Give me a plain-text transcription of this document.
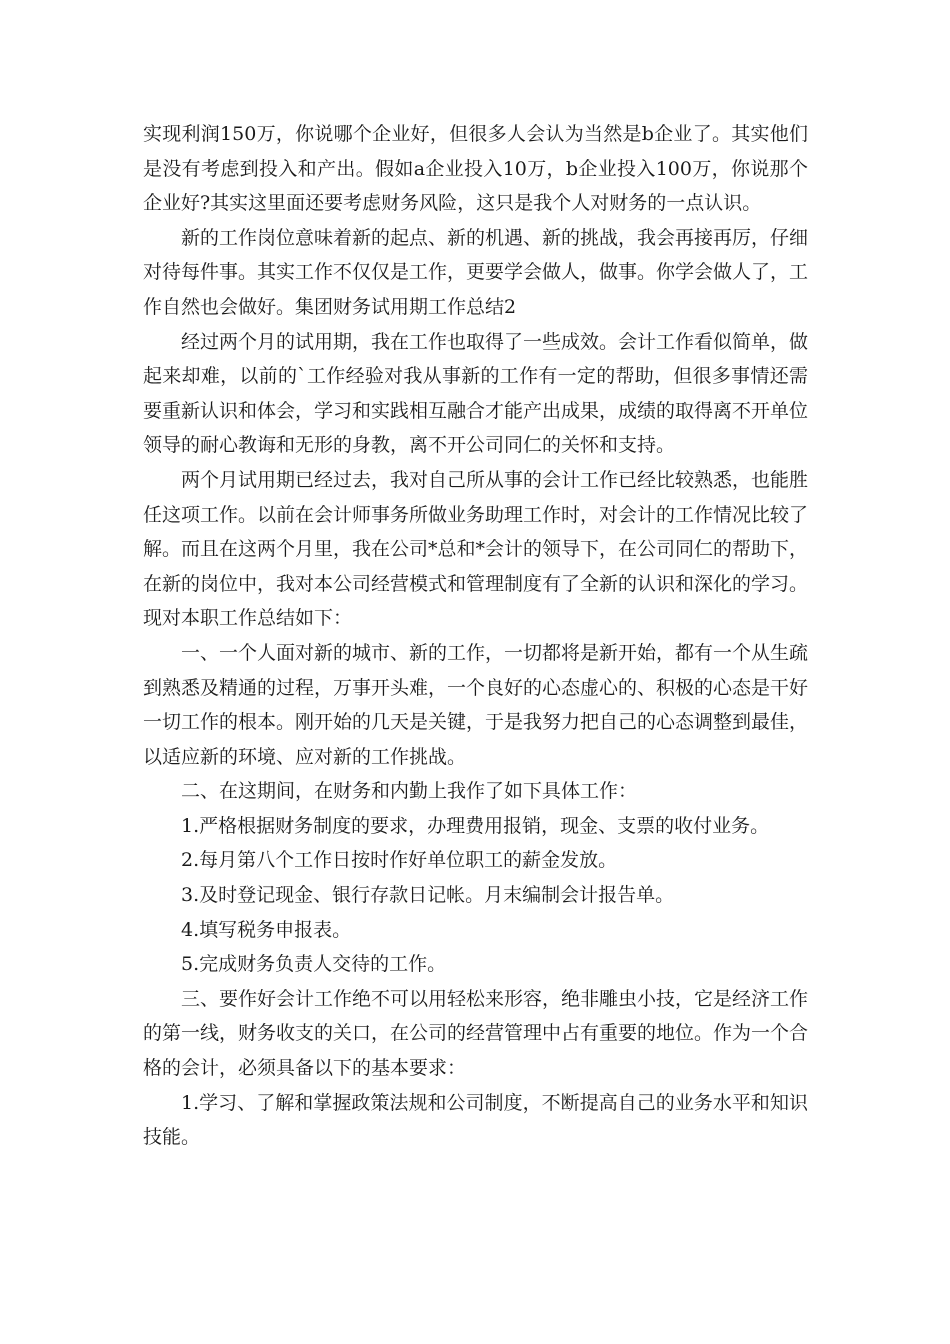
实现利润150万，你说哪个企业好，但很多人会认为当然是b企业了。其实他们是没有考虑到投入和产出。假如a企业投入10万，b企业投入100万，你说那个企业好?其实这里面还要考虑财务风险，这只是我个人对财务的一点认识。

新的工作岗位意味着新的起点、新的机遇、新的挑战，我会再接再厉，仔细对待每件事。其实工作不仅仅是工作，更要学会做人，做事。你学会做人了，工作自然也会做好。集团财务试用期工作总结2

经过两个月的试用期，我在工作也取得了一些成效。会计工作看似简单，做起来却难，以前的`工作经验对我从事新的工作有一定的帮助，但很多事情还需要重新认识和体会，学习和实践相互融合才能产出成果，成绩的取得离不开单位领导的耐心教诲和无形的身教，离不开公司同仁的关怀和支持。

两个月试用期已经过去，我对自己所从事的会计工作已经比较熟悉，也能胜任这项工作。以前在会计师事务所做业务助理工作时，对会计的工作情况比较了解。而且在这两个月里，我在公司*总和*会计的领导下，在公司同仁的帮助下，在新的岗位中，我对本公司经营模式和管理制度有了全新的认识和深化的学习。现对本职工作总结如下：

一、一个人面对新的城市、新的工作，一切都将是新开始，都有一个从生疏到熟悉及精通的过程，万事开头难，一个良好的心态虚心的、积极的心态是干好一切工作的根本。刚开始的几天是关键，于是我努力把自己的心态调整到最佳，以适应新的环境、应对新的工作挑战。

二、在这期间，在财务和内勤上我作了如下具体工作：

1.严格根据财务制度的要求，办理费用报销，现金、支票的收付业务。

2.每月第八个工作日按时作好单位职工的薪金发放。

3.及时登记现金、银行存款日记帐。月末编制会计报告单。

4.填写税务申报表。

5.完成财务负责人交待的工作。

三、要作好会计工作绝不可以用轻松来形容，绝非雕虫小技，它是经济工作的第一线，财务收支的关口，在公司的经营管理中占有重要的地位。作为一个合格的会计，必须具备以下的基本要求：

1.学习、了解和掌握政策法规和公司制度，不断提高自己的业务水平和知识技能。
